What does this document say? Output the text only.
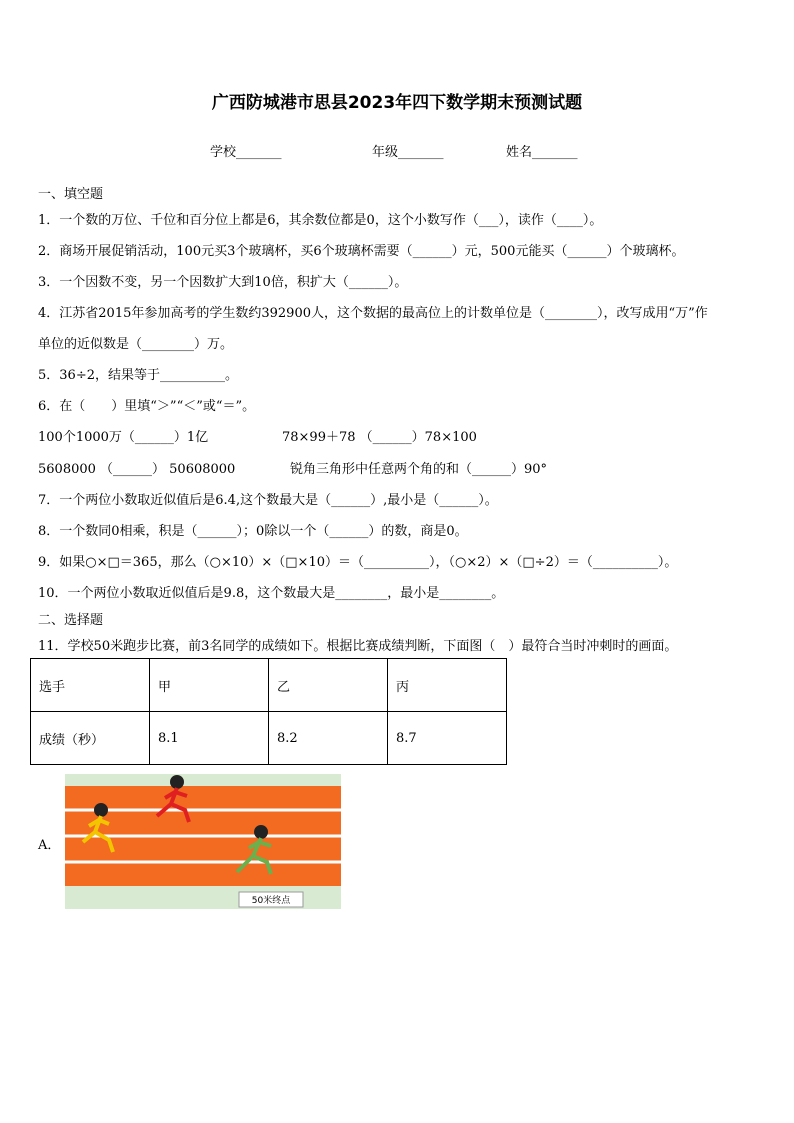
广西防城港市思县2023年四下数学期末预测试题
学校_______	年级_______	姓名_______
一、填空题
1．一个数的万位、千位和百分位上都是6，其余数位都是0，这个小数写作（___），读作（____）。
2．商场开展促销活动，100元买3个玻璃杯，买6个玻璃杯需要（______）元，500元能买（______）个玻璃杯。
3．一个因数不变，另一个因数扩大到10倍，积扩大（______）。
4．江苏省2015年参加高考的学生数约392900人，这个数据的最高位上的计数单位是（________），改写成用“万”作
单位的近似数是（________）万。
5．36÷2，结果等于__________。
6．在（　　）里填“＞”“＜”或“＝”。
100个1000万（______）1亿	78×99＋78 （______）78×100
5608000 （______） 50608000	锐角三角形中任意两个角的和（______）90°
7．一个两位小数取近似值后是6.4,这个数最大是（______）,最小是（______）。
8．一个数同0相乘，积是（______）；0除以一个（______）的数，商是0。
9．如果○×□＝365，那么（○×10）×（□×10）＝（__________），（○×2）×（□÷2）＝（__________）。
10．一个两位小数取近似值后是9.8，这个数最大是________，最小是________。
二、选择题
11．学校50米跑步比赛，前3名同学的成绩如下。根据比赛成绩判断，下面图（　）最符合当时冲刺时的画面。
选手	甲	乙	丙
成绩（秒）	8.1	8.2	8.7
A．
50米终点
